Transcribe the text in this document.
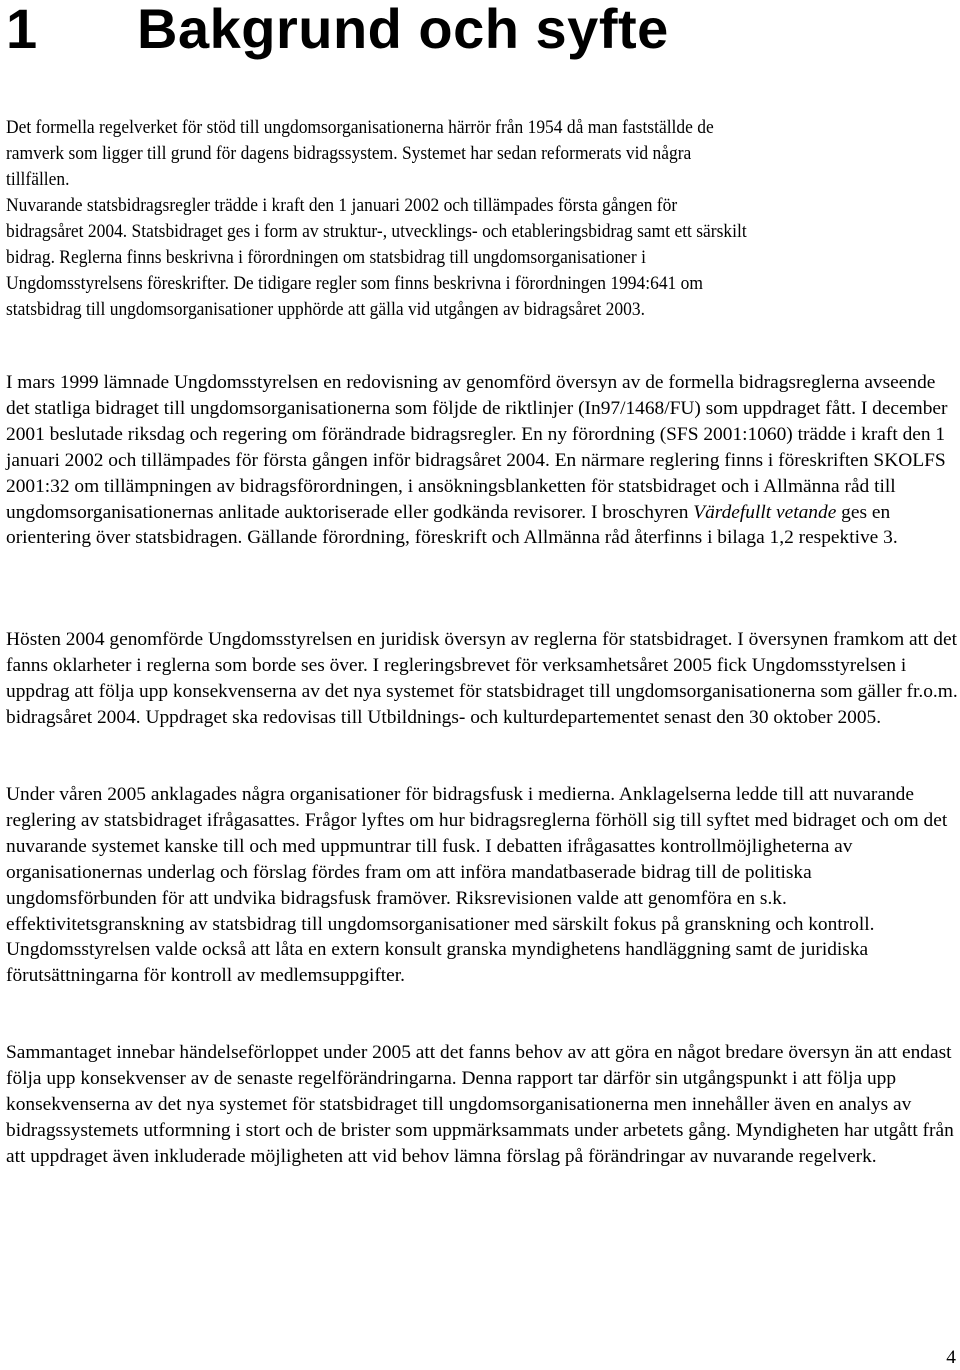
1 Bakgrund och syfte

Det formella regelverket för stöd till ungdomsorganisationerna härrör från 1954 då man fastställde de
ramverk som ligger till grund för dagens bidragssystem. Systemet har sedan reformerats vid några
tillfällen.

Nuvarande statsbidragsregler trädde i kraft den 1 januari 2002 och tillämpades första gången för
bidragsåret 2004. Statsbidraget ges i form av struktur-, utvecklings- och etableringsbidrag samt ett särskilt
bidrag. Reglerna finns beskrivna i förordningen om statsbidrag till ungdomsorganisationer i
Ungdomsstyrelsens föreskrifter. De tidigare regler som finns beskrivna i förordningen 1994:641 om
statsbidrag till ungdomsorganisationer upphörde att gälla vid utgången av bidragsåret 2003.

I mars 1999 lämnade Ungdomsstyrelsen en redovisning av genomförd översyn av de formella bidragsreglerna avseende det statliga bidraget till ungdomsorganisationerna som följde de riktlinjer (In97/1468/FU) som uppdraget fått. I december 2001 beslutade riksdag och regering om förändrade bidragsregler. En ny förordning (SFS 2001:1060) trädde i kraft den 1 januari 2002 och tillämpades för första gången inför bidragsåret 2004. En närmare reglering finns i föreskriften SKOLFS 2001:32 om tillämpningen av bidragsförordningen, i ansökningsblanketten för statsbidraget och i Allmänna råd till ungdomsorganisationernas anlitade auktoriserade eller godkända revisorer. I broschyren Värdefullt vetande ges en orientering över statsbidragen. Gällande förordning, föreskrift och Allmänna råd återfinns i bilaga 1,2 respektive 3.

Hösten 2004 genomförde Ungdomsstyrelsen en juridisk översyn av reglerna för statsbidraget. I översynen framkom att det fanns oklarheter i reglerna som borde ses över. I regleringsbrevet för verksamhetsåret 2005 fick Ungdomsstyrelsen i uppdrag att följa upp konsekvenserna av det nya systemet för statsbidraget till ungdomsorganisationerna som gäller fr.o.m. bidragsåret 2004. Uppdraget ska redovisas till Utbildnings- och kulturdepartementet senast den 30 oktober 2005.

Under våren 2005 anklagades några organisationer för bidragsfusk i medierna. Anklagelserna ledde till att nuvarande reglering av statsbidraget ifrågasattes. Frågor lyftes om hur bidragsreglerna förhöll sig till syftet med bidraget och om det nuvarande systemet kanske till och med uppmuntrar till fusk. I debatten ifrågasattes kontrollmöjligheterna av organisationernas underlag och förslag fördes fram om att införa mandatbaserade bidrag till de politiska ungdomsförbunden för att undvika bidragsfusk framöver. Riksrevisionen valde att genomföra en s.k. effektivitetsgranskning av statsbidrag till ungdomsorganisationer med särskilt fokus på granskning och kontroll. Ungdomsstyrelsen valde också att låta en extern konsult granska myndighetens handläggning samt de juridiska förutsättningarna för kontroll av medlemsuppgifter.

Sammantaget innebar händelseförloppet under 2005 att det fanns behov av att göra en något bredare översyn än att endast följa upp konsekvenser av de senaste regelförändringarna. Denna rapport tar därför sin utgångspunkt i att följa upp konsekvenserna av det nya systemet för statsbidraget till ungdomsorganisationerna men innehåller även en analys av bidragssystemets utformning i stort och de brister som uppmärksammats under arbetets gång. Myndigheten har utgått från att uppdraget även inkluderade möjligheten att vid behov lämna förslag på förändringar av nuvarande regelverk.

4
